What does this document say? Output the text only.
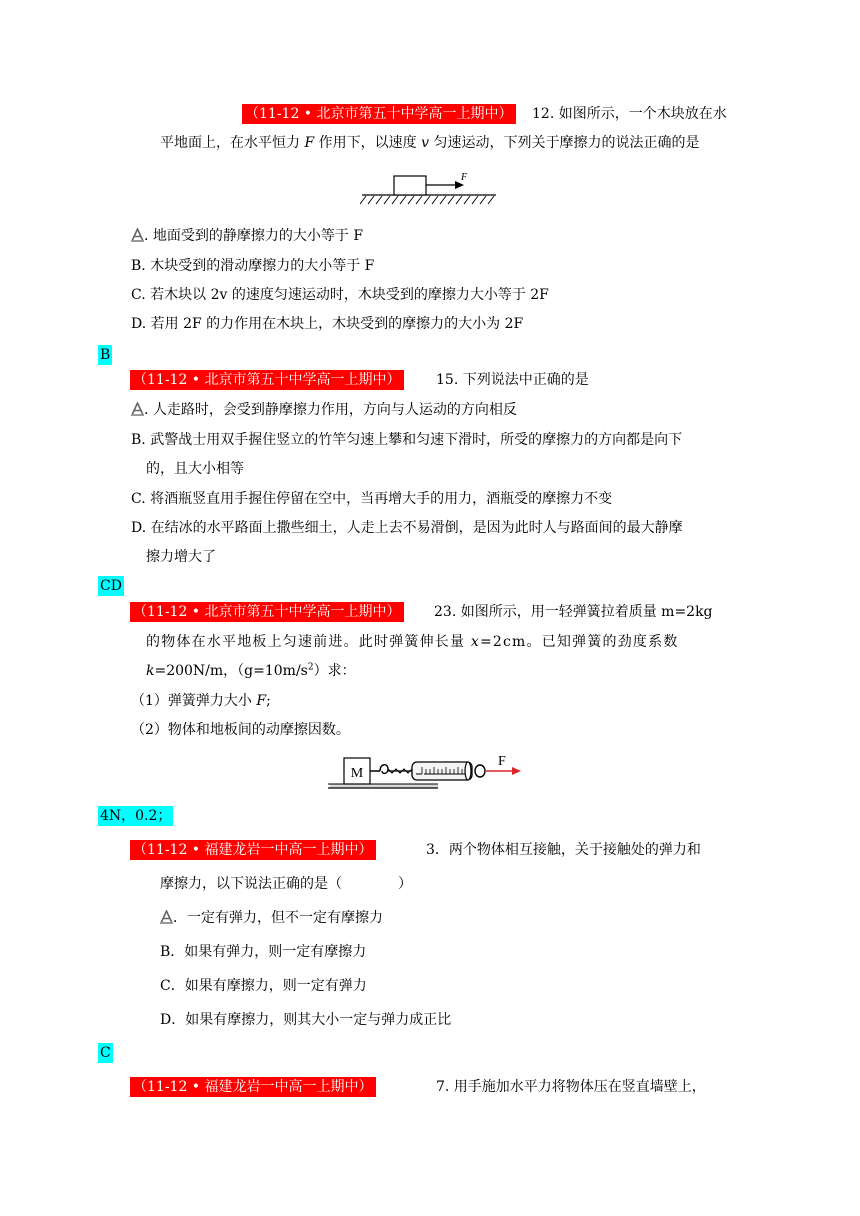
（11-12 • 北京市第五十中学高一上期中） 12. 如图所示，一个木块放在水
平地面上，在水平恒力 F 作用下，以速度 v 匀速运动，下列关于摩擦力的说法正确的是
F
. 地面受到的静摩擦力的大小等于 F
B. 木块受到的滑动摩擦力的大小等于 F
C. 若木块以 2v 的速度匀速运动时，木块受到的摩擦力大小等于 2F
D. 若用 2F 的力作用在木块上，木块受到的摩擦力的大小为 2F
B
（11-12 • 北京市第五十中学高一上期中）	15. 下列说法中正确的是
. 人走路时，会受到静摩擦力作用，方向与人运动的方向相反
B. 武警战士用双手握住竖立的竹竿匀速上攀和匀速下滑时，所受的摩擦力的方向都是向下
的，且大小相等
C. 将酒瓶竖直用手握住停留在空中，当再增大手的用力，酒瓶受的摩擦力不变
D. 在结冰的水平路面上撒些细土，人走上去不易滑倒，是因为此时人与路面间的最大静摩
擦力增大了
CD
（11-12 • 北京市第五十中学高一上期中） 23. 如图所示，用一轻弹簧拉着质量 m=2kg
的物体在水平地板上匀速前进。此时弹簧伸长量 x=2cm。已知弹簧的劲度系数
k=200N/m，$(g=10m/s^2)$求：
（1）弹簧弹力大小 F;
（2）物体和地板间的动摩擦因数。
M
F
4N，0.2；
（11-12 • 福建龙岩一中高一上期中）	3．两个物体相互接触，关于接触处的弹力和
摩擦力，以下说法正确的是（　　　　）
．一定有弹力，但不一定有摩擦力
B．如果有弹力，则一定有摩擦力
C．如果有摩擦力，则一定有弹力
D．如果有摩擦力，则其大小一定与弹力成正比
C
（11-12 • 福建龙岩一中高一上期中）	7. 用手施加水平力将物体压在竖直墙壁上，
